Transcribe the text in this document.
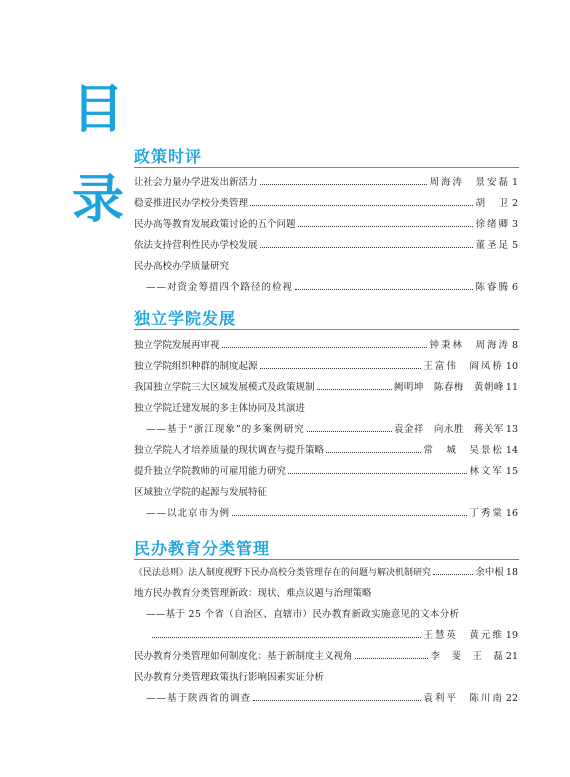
目
录
政策时评
让社会力量办学进发出新活力	周海涛　景安磊 1
稳妥推进民办学校分类管理	胡　卫 2
民办高等教育发展政策讨论的五个问题	徐绪卿 3
依法支持营利性民办学校发展	董圣足 5
民办高校办学质量研究
——对资金筹措四个路径的检视	陈睿腾 6
独立学院发展
独立学院发展再审视	钟秉林　周海涛 8
独立学院组织种群的制度起源	王富伟　阎凤桥 10
我国独立学院三大区域发展模式及政策规制	阙明坤　陈春梅　黄朝峰 11
独立学院迁建发展的多主体协同及其演进
——基于“浙江现象”的多案例研究	袁金祥　向永胜　蒋关军 13
独立学院人才培养质量的现状调查与提升策略	常　城　吴景松 14
提升独立学院教师的可雇用能力研究	林文军 15
区域独立学院的起源与发展特征
——以北京市为例	丁秀棠 16
民办教育分类管理
《民法总则》法人制度视野下民办高校分类管理存在的问题与解决机制研究	余中根 18
地方民办教育分类管理新政：现状、难点议题与治理策略
——基于 25 个省（自治区、直辖市）民办教育新政实施意见的文本分析
王慧英　黄元维 19
民办教育分类管理如何制度化：基于新制度主义视角	李　斐　王　磊 21
民办教育分类管理政策执行影响因素实证分析
——基于陕西省的调查	袁利平　陈川南 22
